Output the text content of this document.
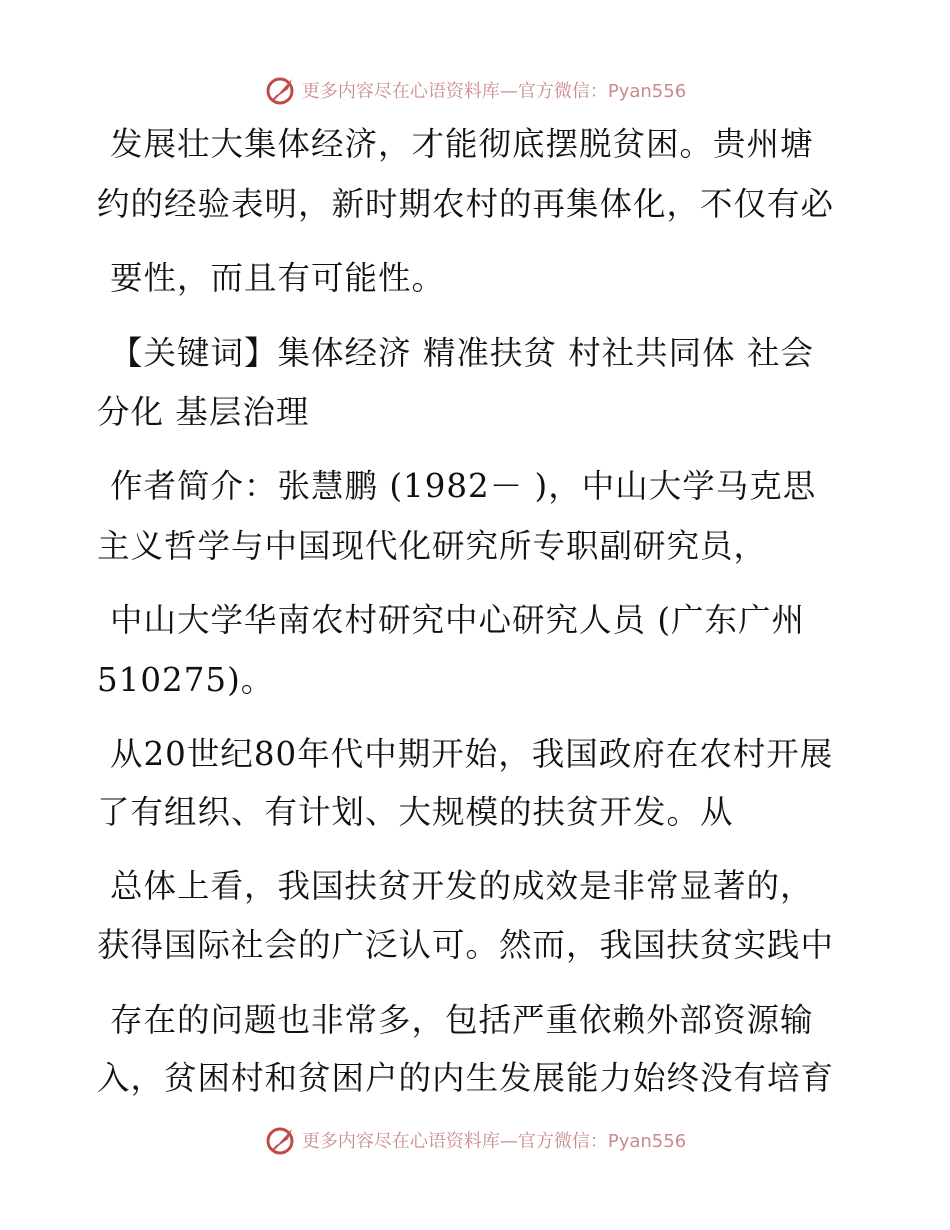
更多内容尽在心语资料库—官方微信：Pyan556
发展壮大集体经济，才能彻底摆脱贫困。贵州塘
约的经验表明，新时期农村的再集体化，不仅有必
要性，而且有可能性。
【关键词】集体经济 精准扶贫 村社共同体 社会
分化 基层治理
作者简介：张慧鹏 (1982－ )，中山大学马克思
主义哲学与中国现代化研究所专职副研究员，
中山大学华南农村研究中心研究人员 (广东广州
510275)。
从20世纪80年代中期开始，我国政府在农村开展
了有组织、有计划、大规模的扶贫开发。从
总体上看，我国扶贫开发的成效是非常显著的，
获得国际社会的广泛认可。然而，我国扶贫实践中
存在的问题也非常多，包括严重依赖外部资源输
入，贫困村和贫困户的内生发展能力始终没有培育
更多内容尽在心语资料库—官方微信：Pyan556
